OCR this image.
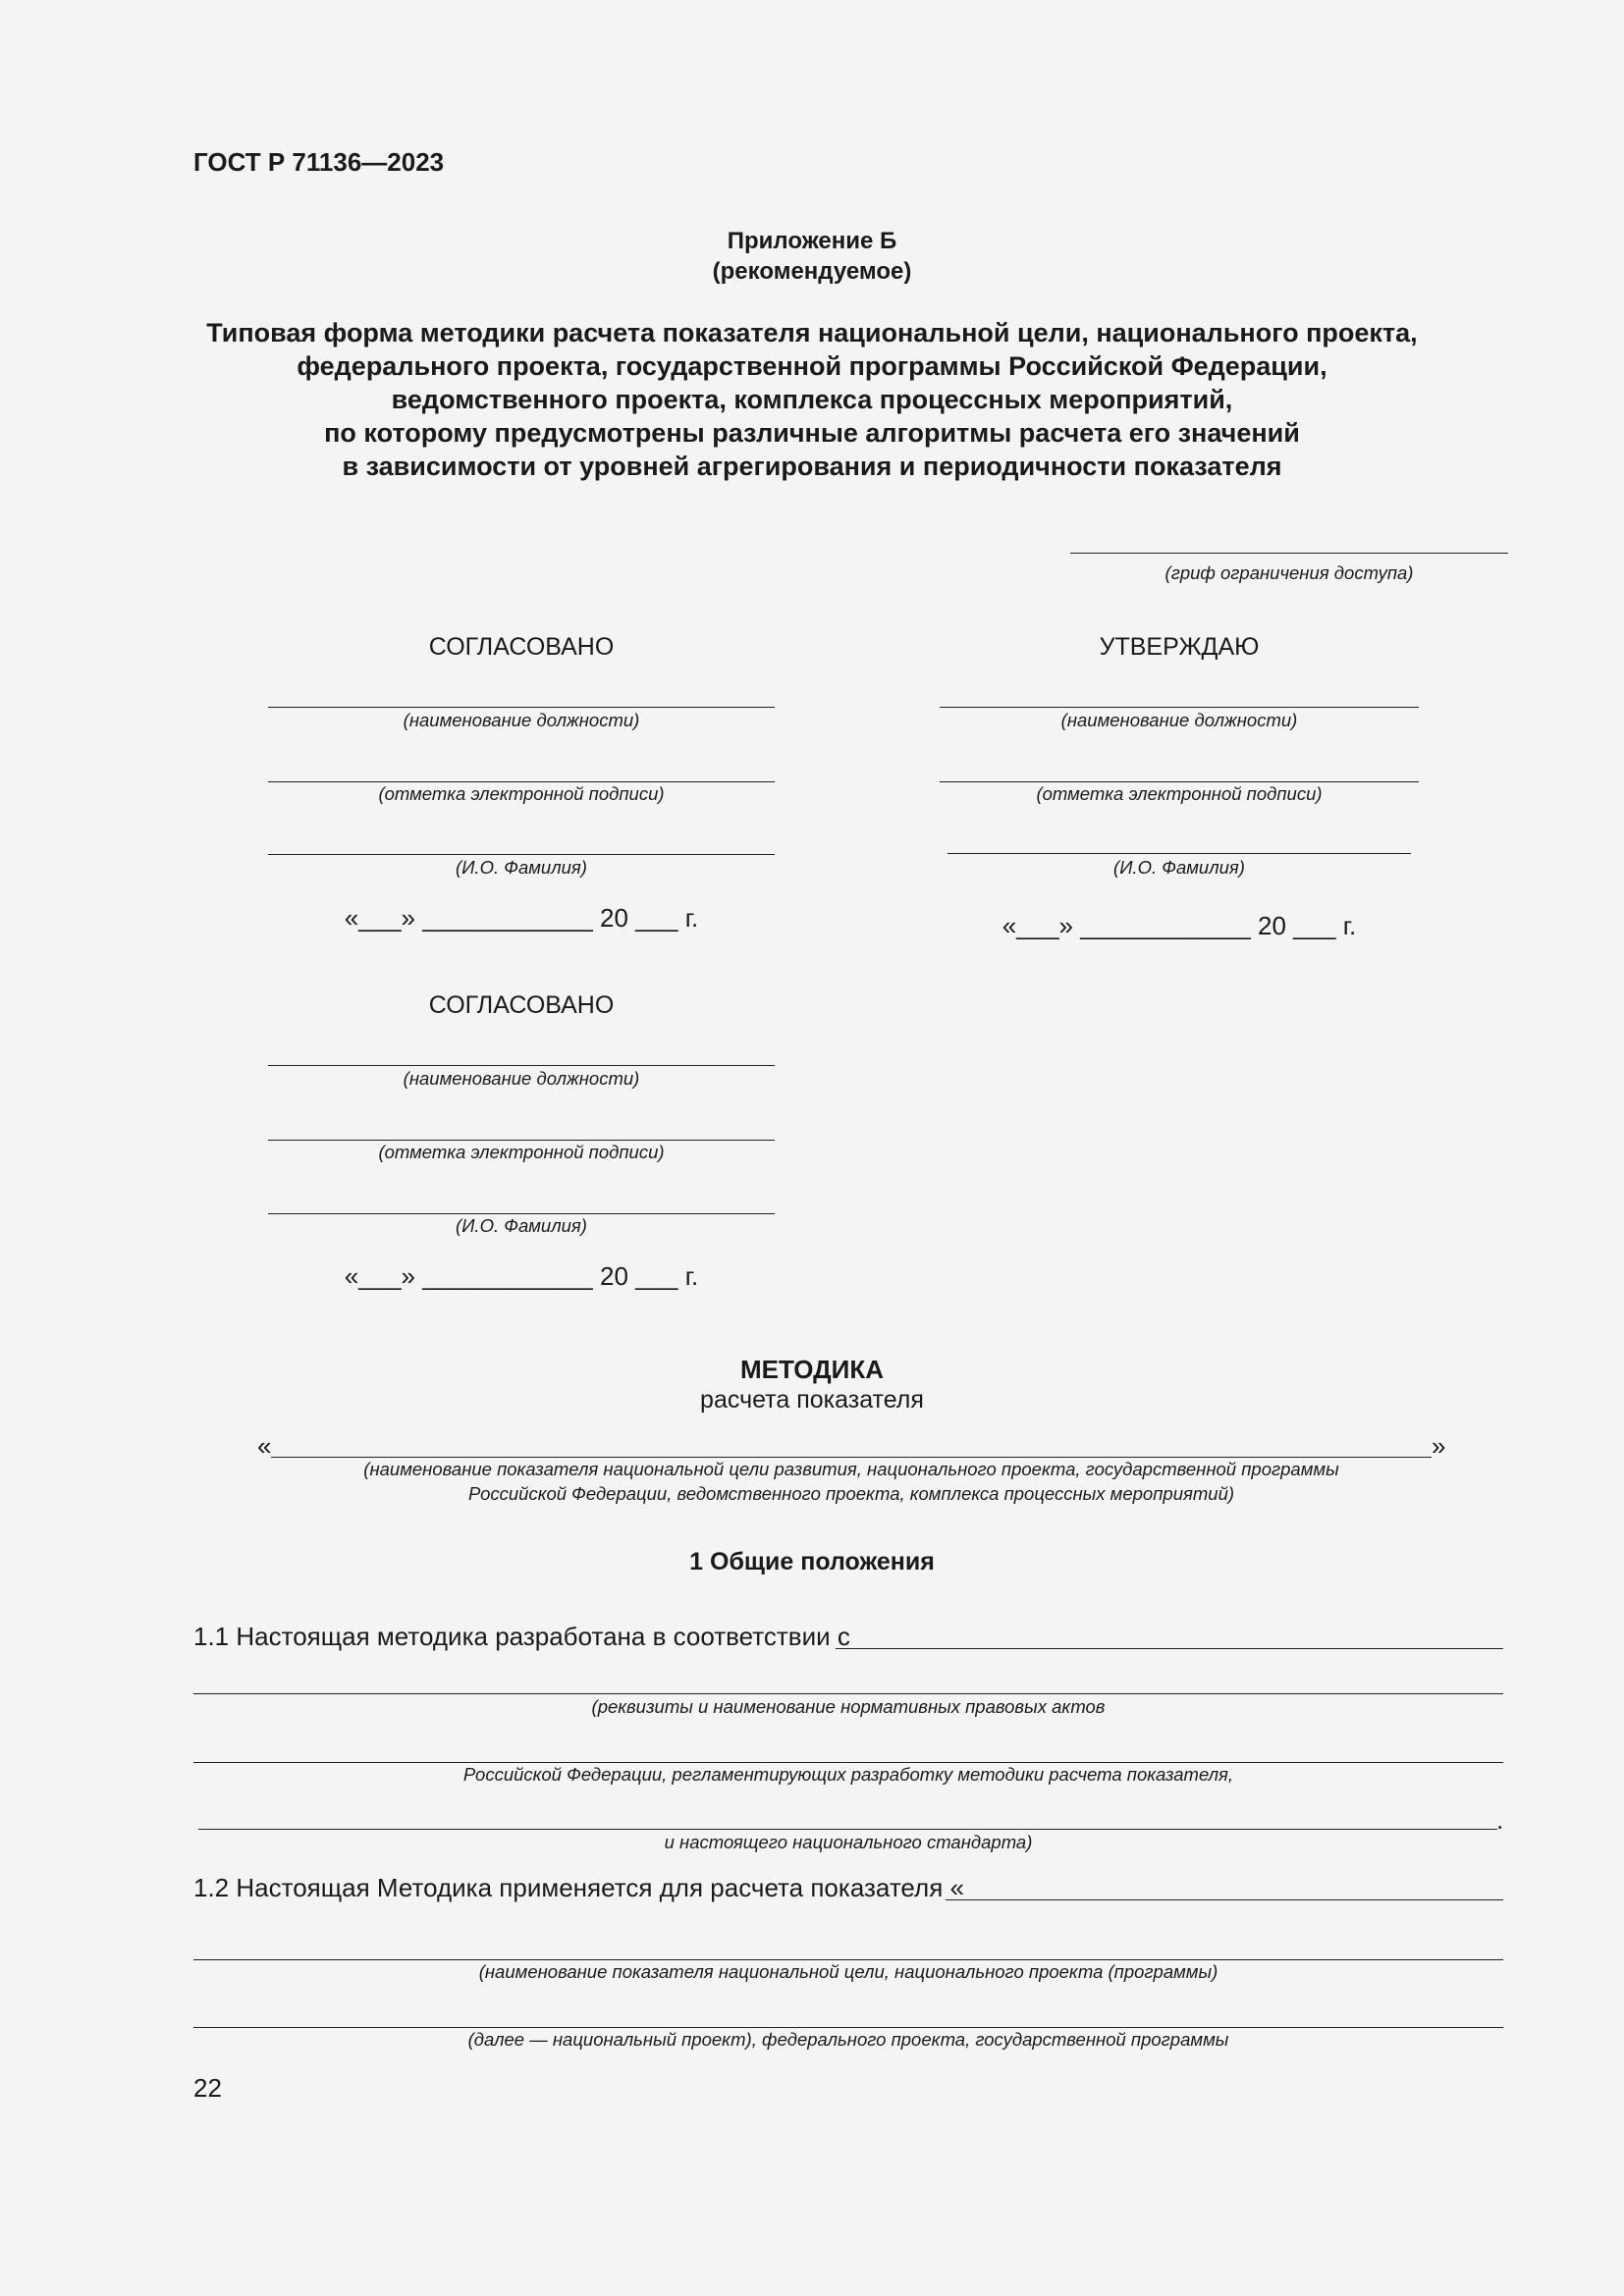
ГОСТ Р 71136—2023
Приложение Б
(рекомендуемое)
Типовая форма методики расчета показателя национальной цели, национального проекта,
федерального проекта, государственной программы Российской Федерации,
ведомственного проекта, комплекса процессных мероприятий,
по которому предусмотрены различные алгоритмы расчета его значений
в зависимости от уровней агрегирования и периодичности показателя
(гриф ограничения доступа)
СОГЛАСОВАНО
(наименование должности)
(отметка электронной подписи)
(И.О. Фамилия)
«___» ____________ 20 ___ г.
УТВЕРЖДАЮ
(наименование должности)
(отметка электронной подписи)
(И.О. Фамилия)
«___» ____________ 20 ___ г.
СОГЛАСОВАНО
(наименование должности)
(отметка электронной подписи)
(И.О. Фамилия)
«___» ____________ 20 ___ г.
МЕТОДИКА
расчета показателя
«	»
(наименование показателя национальной цели развития, национального проекта, государственной программы
Российской Федерации, ведомственного проекта, комплекса процессных мероприятий)
1 Общие положения
1.1 Настоящая методика разработана в соответствии с
(реквизиты и наименование нормативных правовых актов
Российской Федерации, регламентирующих разработку методики расчета показателя,
.
и настоящего национального стандарта)
1.2 Настоящая Методика применяется для расчета показателя «
(наименование показателя национальной цели, национального проекта (программы)
(далее — национальный проект), федерального проекта, государственной программы
22
